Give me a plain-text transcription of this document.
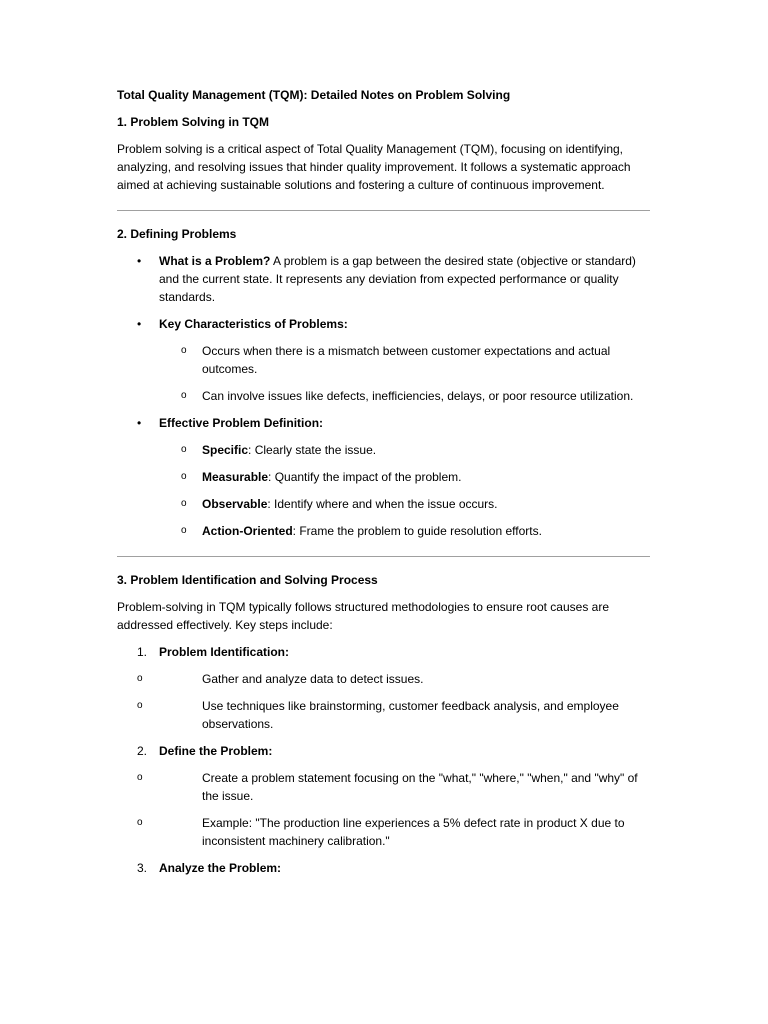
Total Quality Management (TQM): Detailed Notes on Problem Solving
1. Problem Solving in TQM

Problem solving is a critical aspect of Total Quality Management (TQM), focusing on identifying, analyzing, and resolving issues that hinder quality improvement. It follows a systematic approach aimed at achieving sustainable solutions and fostering a culture of continuous improvement.

2. Defining Problems
• What is a Problem? A problem is a gap between the desired state (objective or standard) and the current state. It represents any deviation from expected performance or quality standards.
• Key Characteristics of Problems:
o Occurs when there is a mismatch between customer expectations and actual outcomes.
o Can involve issues like defects, inefficiencies, delays, or poor resource utilization.
• Effective Problem Definition:
o Specific: Clearly state the issue.
o Measurable: Quantify the impact of the problem.
o Observable: Identify where and when the issue occurs.
o Action-Oriented: Frame the problem to guide resolution efforts.
3. Problem Identification and Solving Process

Problem-solving in TQM typically follows structured methodologies to ensure root causes are addressed effectively. Key steps include:

1. Problem Identification:
o	Gather and analyze data to detect issues.
o	Use techniques like brainstorming, customer feedback analysis, and employee observations.
2. Define the Problem:
o	Create a problem statement focusing on the "what," "where," "when," and "why" of the issue.
o	Example: "The production line experiences a 5% defect rate in product X due to inconsistent machinery calibration."
3. Analyze the Problem:
